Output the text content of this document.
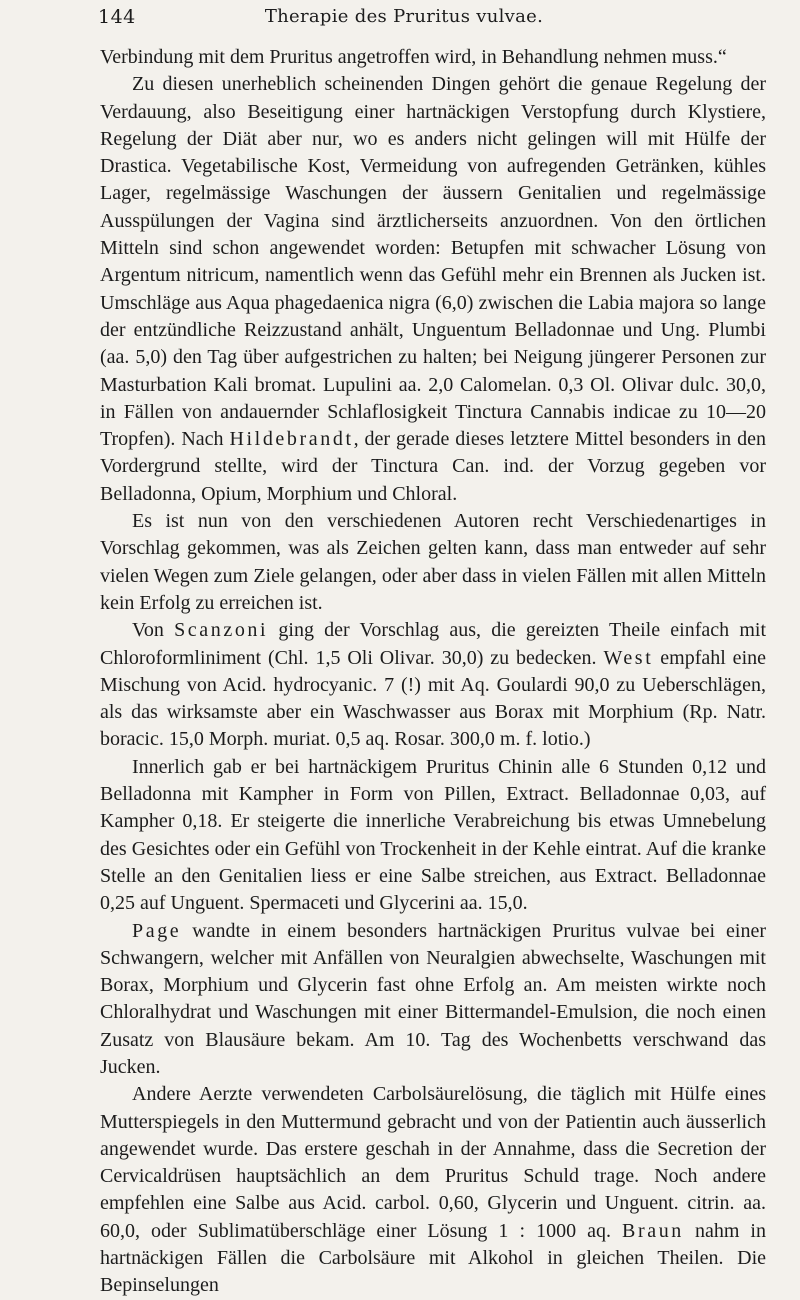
144	Therapie des Pruritus vulvae.

Verbindung mit dem Pruritus angetroffen wird, in Behandlung nehmen muss.“

Zu diesen unerheblich scheinenden Dingen gehört die genaue Regelung der Verdauung, also Beseitigung einer hartnäckigen Verstopfung durch Klystiere, Regelung der Diät aber nur, wo es anders nicht gelingen will mit Hülfe der Drastica. Vegetabilische Kost, Vermeidung von aufregenden Getränken, kühles Lager, regelmässige Waschungen der äussern Genitalien und regelmässige Ausspülungen der Vagina sind ärztlicherseits anzuordnen. Von den örtlichen Mitteln sind schon angewendet worden: Betupfen mit schwacher Lösung von Argentum nitricum, namentlich wenn das Gefühl mehr ein Brennen als Jucken ist. Umschläge aus Aqua phagedaenica nigra (6,0) zwischen die Labia majora so lange der entzündliche Reizzustand anhält, Unguentum Belladonnae und Ung. Plumbi (aa. 5,0) den Tag über aufgestrichen zu halten; bei Neigung jüngerer Personen zur Masturbation Kali bromat. Lupulini aa. 2,0 Calomelan. 0,3 Ol. Olivar dulc. 30,0, in Fällen von andauernder Schlaflosigkeit Tinctura Cannabis indicae zu 10—20 Tropfen). Nach Hildebrandt, der gerade dieses letztere Mittel besonders in den Vordergrund stellte, wird der Tinctura Can. ind. der Vorzug gegeben vor Belladonna, Opium, Morphium und Chloral.

Es ist nun von den verschiedenen Autoren recht Verschiedenartiges in Vorschlag gekommen, was als Zeichen gelten kann, dass man entweder auf sehr vielen Wegen zum Ziele gelangen, oder aber dass in vielen Fällen mit allen Mitteln kein Erfolg zu erreichen ist.

Von Scanzoni ging der Vorschlag aus, die gereizten Theile einfach mit Chloroformliniment (Chl. 1,5 Oli Olivar. 30,0) zu bedecken. West empfahl eine Mischung von Acid. hydrocyanic. 7 (!) mit Aq. Goulardi 90,0 zu Ueberschlägen, als das wirksamste aber ein Waschwasser aus Borax mit Morphium (Rp. Natr. boracic. 15,0 Morph. muriat. 0,5 aq. Rosar. 300,0 m. f. lotio.)

Innerlich gab er bei hartnäckigem Pruritus Chinin alle 6 Stunden 0,12 und Belladonna mit Kampher in Form von Pillen, Extract. Belladonnae 0,03, auf Kampher 0,18. Er steigerte die innerliche Verabreichung bis etwas Umnebelung des Gesichtes oder ein Gefühl von Trockenheit in der Kehle eintrat. Auf die kranke Stelle an den Genitalien liess er eine Salbe streichen, aus Extract. Belladonnae 0,25 auf Unguent. Spermaceti und Glycerini aa. 15,0.

Page wandte in einem besonders hartnäckigen Pruritus vulvae bei einer Schwangern, welcher mit Anfällen von Neuralgien abwechselte, Waschungen mit Borax, Morphium und Glycerin fast ohne Erfolg an. Am meisten wirkte noch Chloralhydrat und Waschungen mit einer Bittermandel-Emulsion, die noch einen Zusatz von Blausäure bekam. Am 10. Tag des Wochenbetts verschwand das Jucken.

Andere Aerzte verwendeten Carbolsäurelösung, die täglich mit Hülfe eines Mutterspiegels in den Muttermund gebracht und von der Patientin auch äusserlich angewendet wurde. Das erstere geschah in der Annahme, dass die Secretion der Cervicaldrüsen hauptsächlich an dem Pruritus Schuld trage. Noch andere empfehlen eine Salbe aus Acid. carbol. 0,60, Glycerin und Unguent. citrin. aa. 60,0, oder Sublimatüberschläge einer Lösung 1 : 1000 aq. Braun nahm in hartnäckigen Fällen die Carbolsäure mit Alkohol in gleichen Theilen. Die Bepinselungen
